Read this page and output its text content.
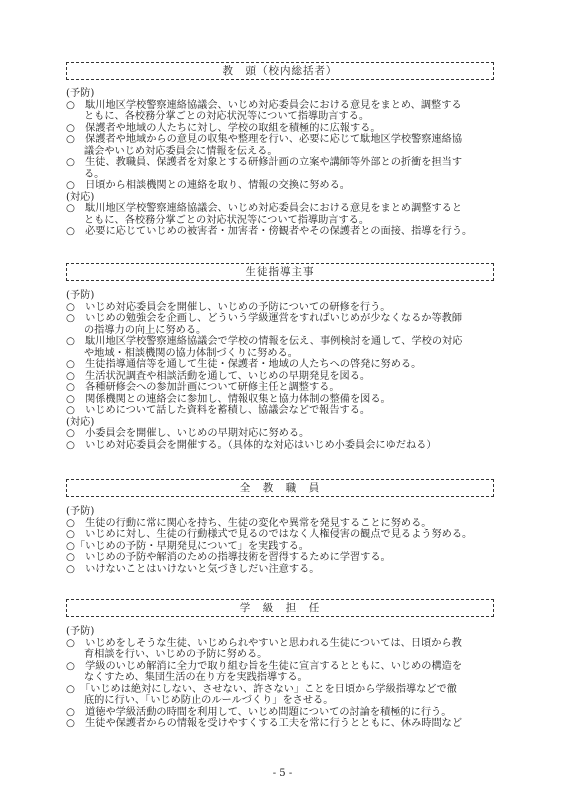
教　頭（校内総括者）
(予防)
○　駄川地区学校警察連絡協議会、いじめ対応委員会における意見をまとめ、調整する
ともに、各校務分掌ごとの対応状況等について指導助言する。
○　保護者や地域の人たちに対し、学校の取組を積極的に広報する。
○　保護者や地域からの意見の収集や整理を行い、必要に応じて駄地区学校警察連絡協
議会やいじめ対応委員会に情報を伝える。
○　生徒、教職員、保護者を対象とする研修計画の立案や講師等外部との折衝を担当す
る。
○　日頃から相談機関との連絡を取り、情報の交換に努める。
(対応)
○　駄川地区学校警察連絡協議会、いじめ対応委員会における意見をまとめ調整すると
ともに、各校務分掌ごとの対応状況等について指導助言する。
○　必要に応じていじめの被害者・加害者・傍観者やその保護者との面接、指導を行う。
生徒指導主事
(予防)
○　いじめ対応委員会を開催し、いじめの予防についての研修を行う。
○　いじめの勉強会を企画し、どういう学級運営をすればいじめが少なくなるか等教師
の指導力の向上に努める。
○　駄川地区学校警察連絡協議会で学校の情報を伝え、事例検討を通して、学校の対応
や地域・相談機関の協力体制づくりに努める。
○　生徒指導通信等を通して生徒・保護者・地域の人たちへの啓発に努める。
○　生活状況調査や相談活動を通して、いじめの早期発見を図る。
○　各種研修会への参加計画について研修主任と調整する。
○　関係機関との連絡会に参加し、情報収集と協力体制の整備を図る。
○　いじめについて話した資料を蓄積し、協議会などで報告する。
(対応)
○　小委員会を開催し、いじめの早期対応に努める。
○　いじめ対応委員会を開催する。（具体的な対応はいじめ小委員会にゆだねる）
全　教　職　員
(予防)
○　生徒の行動に常に関心を持ち、生徒の変化や異常を発見することに努める。
○　いじめに対し、生徒の行動様式で見るのではなく人権侵害の観点で見るよう努める。
○「いじめの予防・早期発見について」を実践する。
○　いじめの予防や解消のための指導技術を習得するために学習する。
○　いけないことはいけないと気づきしだい注意する。
学　級　担　任
(予防)
○　いじめをしそうな生徒、いじめられやすいと思われる生徒については、日頃から教
育相談を行い、いじめの予防に努める。
○　学級のいじめ解消に全力で取り組む旨を生徒に宣言するとともに、いじめの構造を
なくすため、集団生活の在り方を実践指導する。
○　「いじめは絶対にしない、させない、許さない」ことを日頃から学級指導などで徹
底的に行い、「いじめ防止のルールづくり」をさせる。
○　道徳や学級活動の時間を利用して、いじめ問題についての討論を積極的に行う。
○　生徒や保護者からの情報を受けやすくする工夫を常に行うとともに、休み時間など
- 5 -
